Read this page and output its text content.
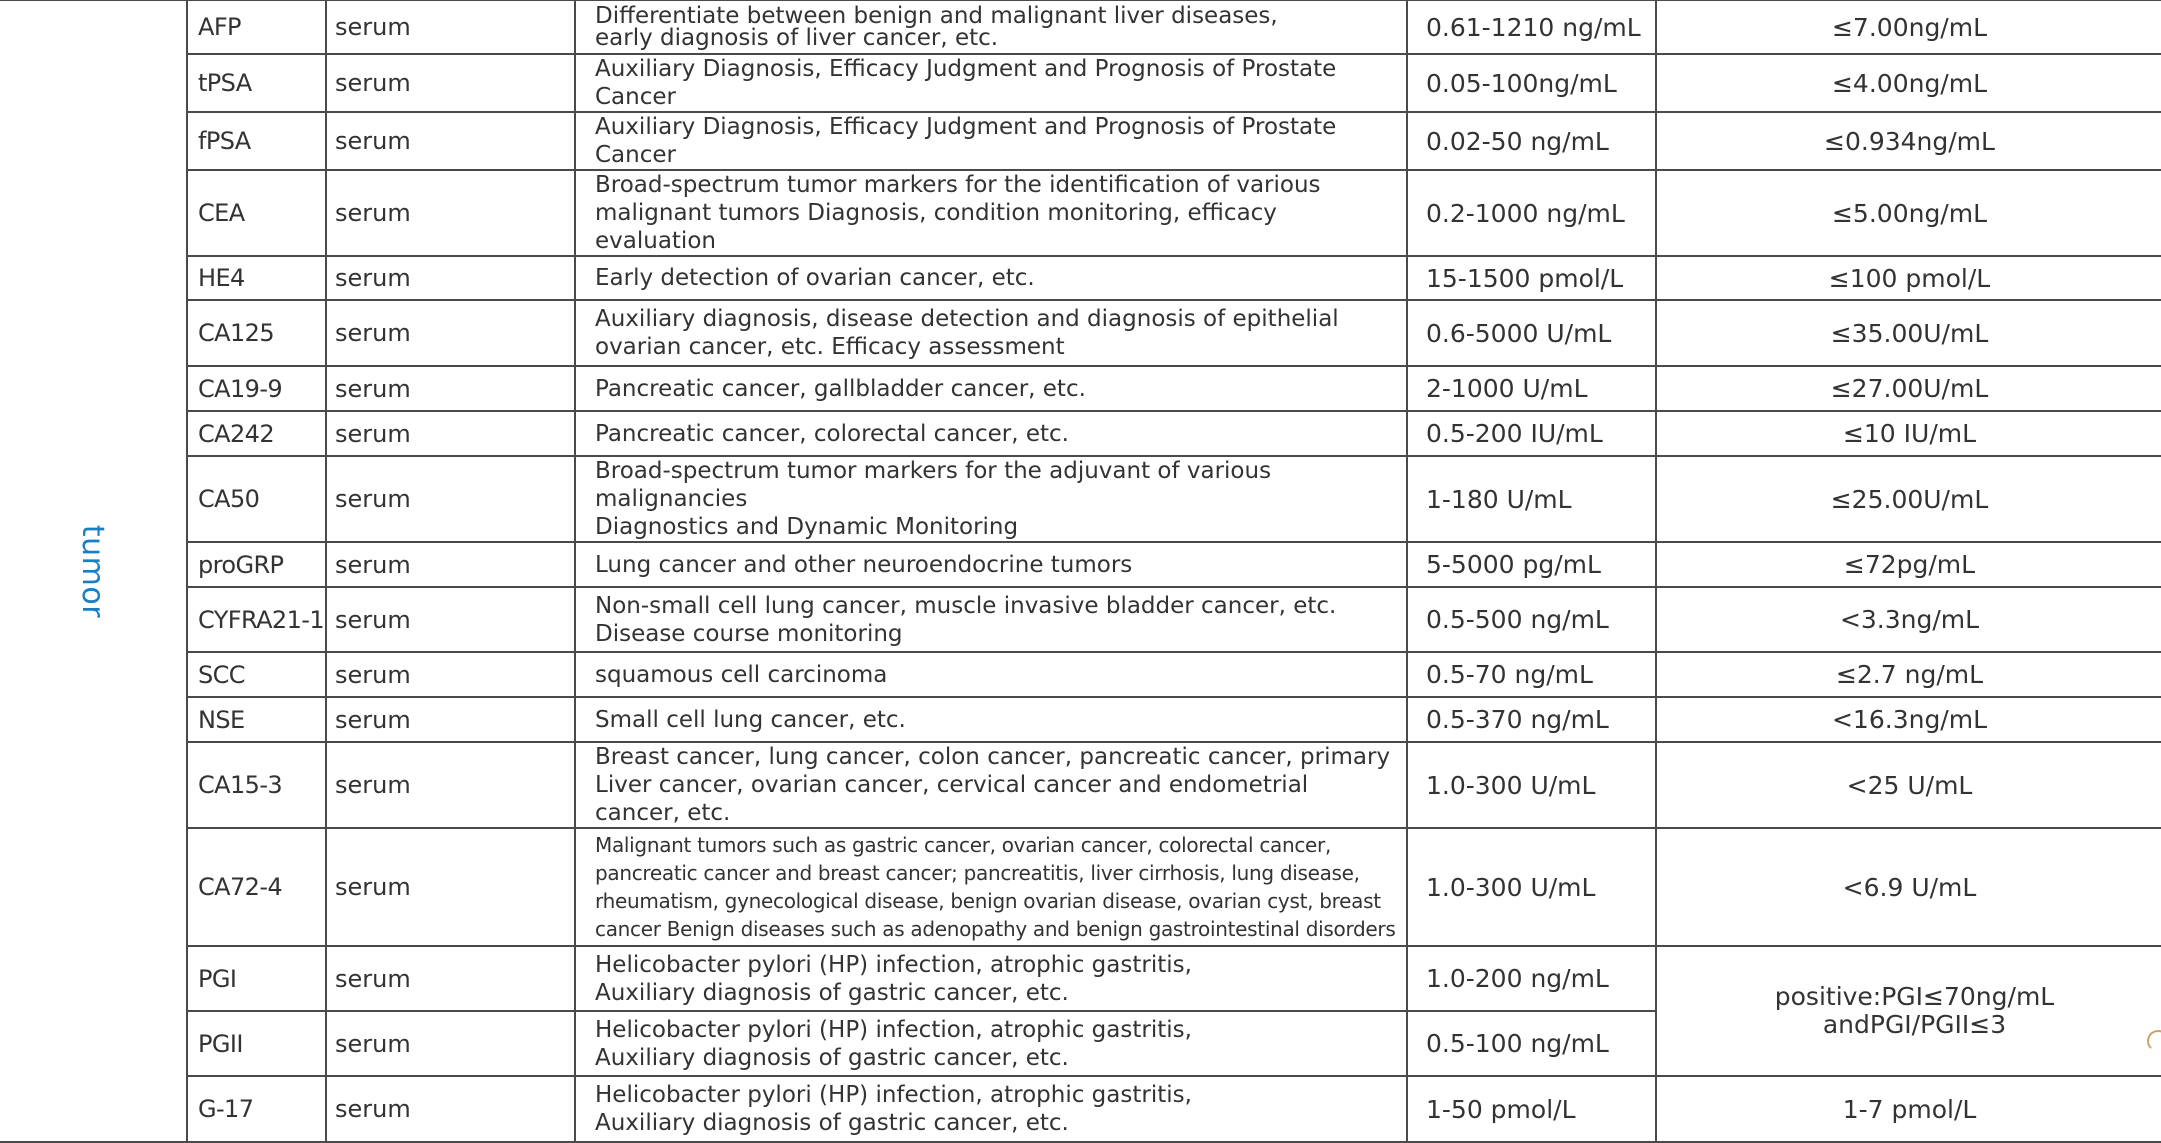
tumor	AFP	serum	Differentiate between benign and malignant liver diseases,
early diagnosis of liver cancer, etc.	0.61-1210 ng/mL	≤7.00ng/mL
	tPSA	serum	Auxiliary Diagnosis, Efficacy Judgment and Prognosis of Prostate Cancer	0.05-100ng/mL	≤4.00ng/mL
	fPSA	serum	Auxiliary Diagnosis, Efficacy Judgment and Prognosis of Prostate Cancer	0.02-50 ng/mL	≤0.934ng/mL
	CEA	serum	Broad-spectrum tumor markers for the identification of various
malignant tumors Diagnosis, condition monitoring, efficacy evaluation	0.2-1000 ng/mL	≤5.00ng/mL
	HE4	serum	Early detection of ovarian cancer, etc.	15-1500 pmol/L	≤100 pmol/L
	CA125	serum	Auxiliary diagnosis, disease detection and diagnosis of epithelial
ovarian cancer, etc. Efficacy assessment	0.6-5000 U/mL	≤35.00U/mL
	CA19-9	serum	Pancreatic cancer, gallbladder cancer, etc.	2-1000 U/mL	≤27.00U/mL
	CA242	serum	Pancreatic cancer, colorectal cancer, etc.	0.5-200 IU/mL	≤10 IU/mL
	CA50	serum	Broad-spectrum tumor markers for the adjuvant of various malignancies
Diagnostics and Dynamic Monitoring	1-180 U/mL	≤25.00U/mL
	proGRP	serum	Lung cancer and other neuroendocrine tumors	5-5000 pg/mL	≤72pg/mL
	CYFRA21-1	serum	Non-small cell lung cancer, muscle invasive bladder cancer, etc.
Disease course monitoring	0.5-500 ng/mL	<3.3ng/mL
	SCC	serum	squamous cell carcinoma	0.5-70 ng/mL	≤2.7 ng/mL
	NSE	serum	Small cell lung cancer, etc.	0.5-370 ng/mL	<16.3ng/mL
	CA15-3	serum	Breast cancer, lung cancer, colon cancer, pancreatic cancer, primary
Liver cancer, ovarian cancer, cervical cancer and endometrial cancer, etc.	1.0-300 U/mL	<25 U/mL
	CA72-4	serum	Malignant tumors such as gastric cancer, ovarian cancer, colorectal cancer,
pancreatic cancer and breast cancer; pancreatitis, liver cirrhosis, lung disease,
rheumatism, gynecological disease, benign ovarian disease, ovarian cyst, breast
cancer Benign diseases such as adenopathy and benign gastrointestinal disorders	1.0-300 U/mL	<6.9 U/mL
	PGI	serum	Helicobacter pylori (HP) infection, atrophic gastritis,
Auxiliary diagnosis of gastric cancer, etc.	1.0-200 ng/mL	positive:PGI≤70ng/mL
andPGI/PGII≤3

	PGII	serum	Helicobacter pylori (HP) infection, atrophic gastritis,
Auxiliary diagnosis of gastric cancer, etc.	0.5-100 ng/mL	
	G-17	serum	Helicobacter pylori (HP) infection, atrophic gastritis,
Auxiliary diagnosis of gastric cancer, etc.	1-50 pmol/L	1-7 pmol/L
